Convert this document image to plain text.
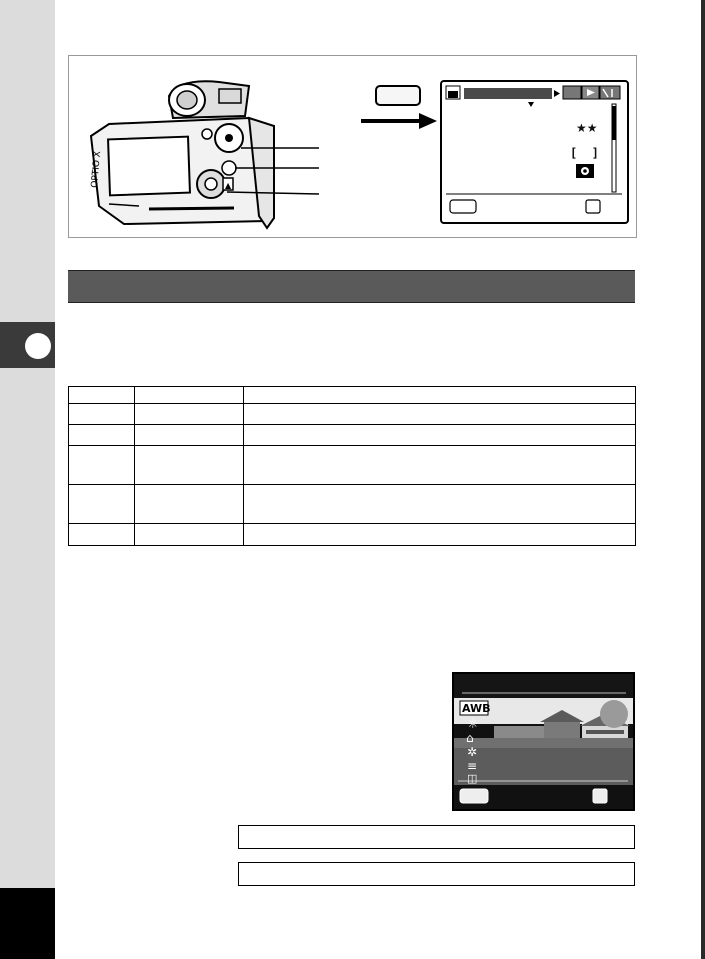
▲
OPTIO X
★★
[  ]

AWB
☼
⌂
✲
≡
◫
